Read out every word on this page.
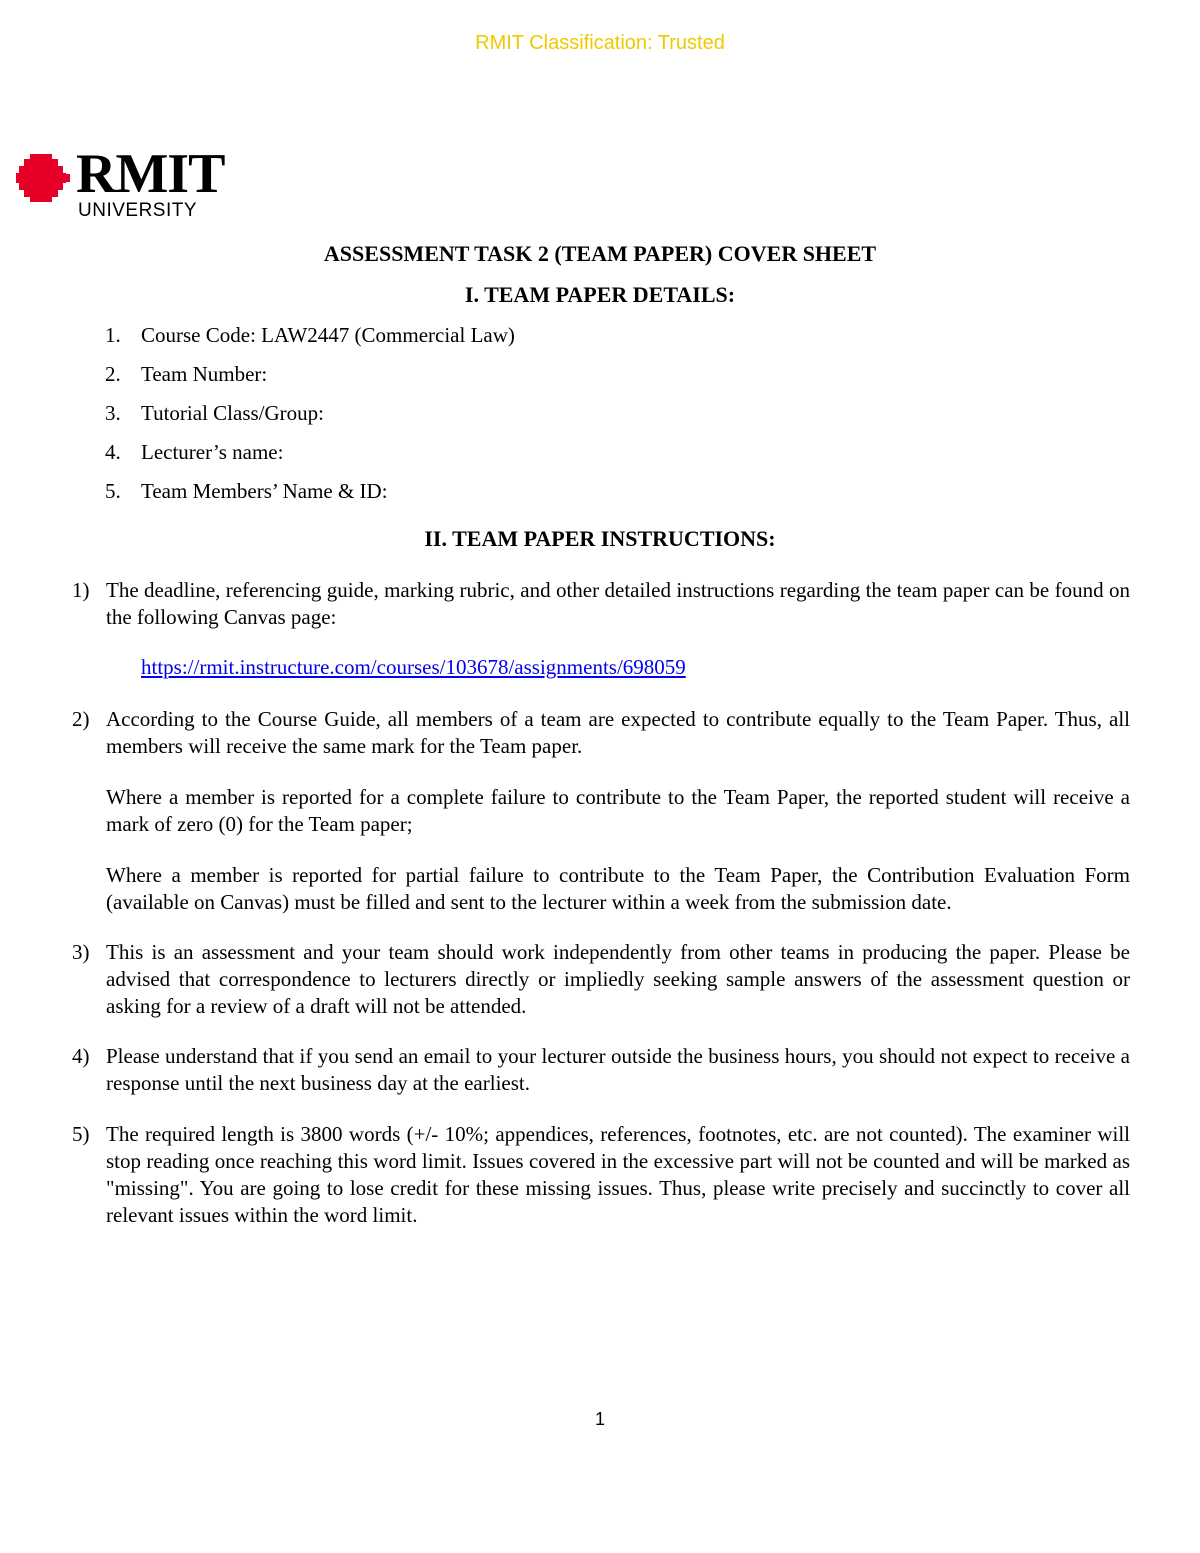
RMIT Classification: Trusted
RMIT
UNIVERSITY
ASSESSMENT TASK 2 (TEAM PAPER) COVER SHEET
I. TEAM PAPER DETAILS:
1. Course Code: LAW2447 (Commercial Law)
2. Team Number:
3. Tutorial Class/Group:
4. Lecturer’s name:
5. Team Members’ Name & ID:
II. TEAM PAPER INSTRUCTIONS:
1) The deadline, referencing guide, marking rubric, and other detailed instructions regarding the team paper can be found on the following Canvas page:

https://rmit.instructure.com/courses/103678/assignments/698059
2) According to the Course Guide, all members of a team are expected to contribute equally to the Team Paper. Thus, all members will receive the same mark for the Team paper.

Where a member is reported for a complete failure to contribute to the Team Paper, the reported student will receive a mark of zero (0) for the Team paper;

Where a member is reported for partial failure to contribute to the Team Paper, the Contribution Evaluation Form (available on Canvas) must be filled and sent to the lecturer within a week from the submission date.

3) This is an assessment and your team should work independently from other teams in producing the paper. Please be advised that correspondence to lecturers directly or impliedly seeking sample answers of the assessment question or asking for a review of a draft will not be attended.

4) Please understand that if you send an email to your lecturer outside the business hours, you should not expect to receive a response until the next business day at the earliest.

5) The required length is 3800 words (+/- 10%; appendices, references, footnotes, etc. are not counted). The examiner will stop reading once reaching this word limit. Issues covered in the excessive part will not be counted and will be marked as "missing". You are going to lose credit for these missing issues. Thus, please write precisely and succinctly to cover all relevant issues within the word limit.

1
